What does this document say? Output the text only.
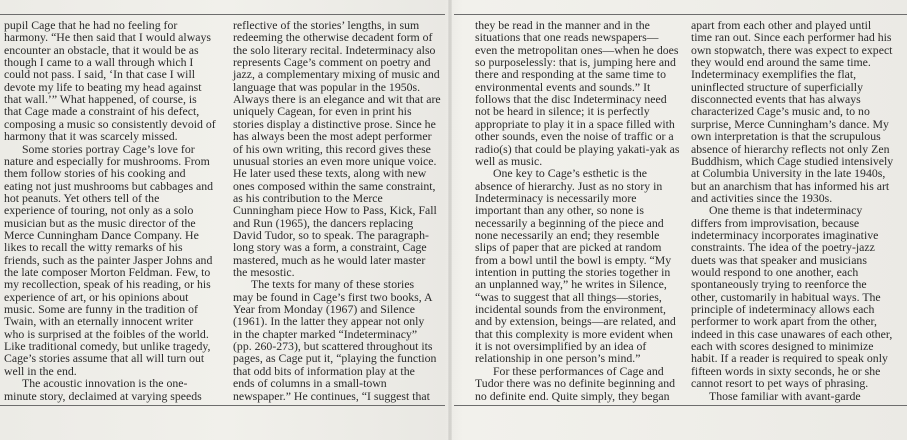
pupil Cage that he had no feeling for
harmony. “He then said that I would always
encounter an obstacle, that it would be as
though I came to a wall through which I
could not pass. I said, ‘In that case I will
devote my life to beating my head against
that wall.’” What happened, of course, is
that Cage made a constraint of his defect,
composing a music so consistently devoid of
harmony that it was scarcely missed.
Some stories portray Cage’s love for
nature and especially for mushrooms. From
them follow stories of his cooking and
eating not just mushrooms but cabbages and
hot peanuts. Yet others tell of the
experience of touring, not only as a solo
musician but as the music director of the
Merce Cunningham Dance Company. He
likes to recall the witty remarks of his
friends, such as the painter Jasper Johns and
the late composer Morton Feldman. Few, to
my recollection, speak of his reading, or his
experience of art, or his opinions about
music. Some are funny in the tradition of
Twain, with an eternally innocent writer
who is surprised at the foibles of the world.
Like traditional comedy, but unlike tragedy,
Cage’s stories assume that all will turn out
well in the end.
The acoustic innovation is the one-
minute story, declaimed at varying speeds
reflective of the stories’ lengths, in sum
redeeming the otherwise decadent form of
the solo literary recital. Indeterminacy also
represents Cage’s comment on poetry and
jazz, a complementary mixing of music and
language that was popular in the 1950s.
Always there is an elegance and wit that are
uniquely Cagean, for even in print his
stories display a distinctive prose. Since he
has always been the most adept performer
of his own writing, this record gives these
unusual stories an even more unique voice.
He later used these texts, along with new
ones composed within the same constraint,
as his contribution to the Merce
Cunningham piece How to Pass, Kick, Fall
and Run (1965), the dancers replacing
David Tudor, so to speak. The paragraph-
long story was a form, a constraint, Cage
mastered, much as he would later master
the mesostic.
The texts for many of these stories
may be found in Cage’s first two books, A
Year from Monday (1967) and Silence
(1961). In the latter they appear not only
in the chapter marked “Indeterminacy”
(pp. 260-273), but scattered throughout its
pages, as Cage put it, “playing the function
that odd bits of information play at the
ends of columns in a small-town
newspaper.” He continues, “I suggest that
they be read in the manner and in the
situations that one reads newspapers—
even the metropolitan ones—when he does
so purposelessly: that is, jumping here and
there and responding at the same time to
environmental events and sounds.” It
follows that the disc Indeterminacy need
not be heard in silence; it is perfectly
appropriate to play it in a space filled with
other sounds, even the noise of traffic or a
radio(s) that could be playing yakati-yak as
well as music.
One key to Cage’s esthetic is the
absence of hierarchy. Just as no story in
Indeterminacy is necessarily more
important than any other, so none is
necessarily a beginning of the piece and
none necessarily an end; they resemble
slips of paper that are picked at random
from a bowl until the bowl is empty. “My
intention in putting the stories together in
an unplanned way,” he writes in Silence,
“was to suggest that all things—stories,
incidental sounds from the environment,
and by extension, beings—are related, and
that this complexity is more evident when
it is not oversimplified by an idea of
relationship in one person’s mind.”
For these performances of Cage and
Tudor there was no definite beginning and
no definite end. Quite simply, they began
apart from each other and played until
time ran out. Since each performer had his
own stopwatch, there was expect to expect
they would end around the same time.
Indeterminacy exemplifies the flat,
uninflected structure of superficially
disconnected events that has always
characterized Cage’s music and, to no
surprise, Merce Cunningham’s dance. My
own interpretation is that the scrupulous
absence of hierarchy reflects not only Zen
Buddhism, which Cage studied intensively
at Columbia University in the late 1940s,
but an anarchism that has informed his art
and activities since the 1930s.
One theme is that indeterminacy
differs from improvisation, because
indeterminacy incorporates imaginative
constraints. The idea of the poetry-jazz
duets was that speaker and musicians
would respond to one another, each
spontaneously trying to reenforce the
other, customarily in habitual ways. The
principle of indeterminacy allows each
performer to work apart from the other,
indeed in this case unawares of each other,
each with scores designed to minimize
habit. If a reader is required to speak only
fifteen words in sixty seconds, he or she
cannot resort to pet ways of phrasing.
Those familiar with avant-garde
